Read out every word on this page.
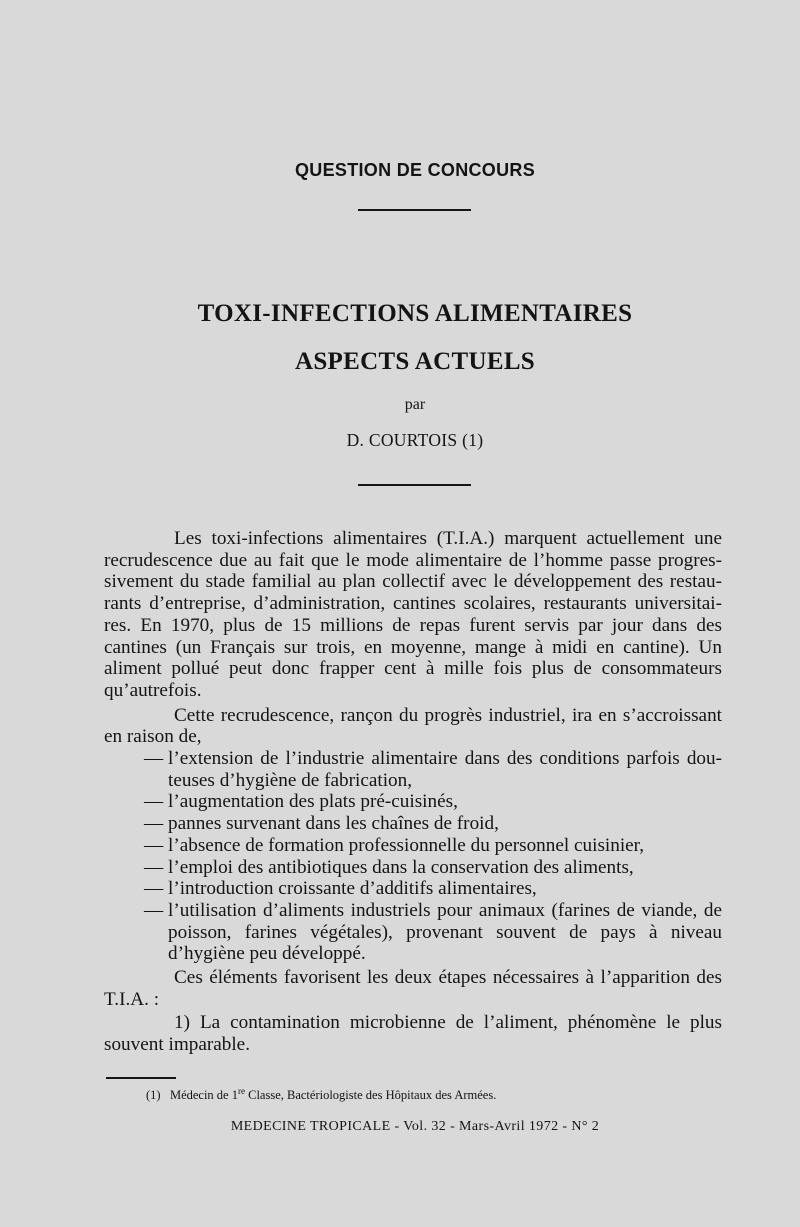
QUESTION DE CONCOURS
TOXI-INFECTIONS ALIMENTAIRES
ASPECTS ACTUELS
par
D. COURTOIS (1)

Les toxi-infections alimentaires (T.I.A.) marquent actuellement une recrudescence due au fait que le mode alimentaire de l’homme passe progressivement du stade familial au plan collectif avec le développement des restaurants d’entreprise, d’administration, cantines scolaires, restaurants universitaires. En 1970, plus de 15 millions de repas furent servis par jour dans des cantines (un Français sur trois, en moyenne, mange à midi en cantine). Un aliment pollué peut donc frapper cent à mille fois plus de consommateurs qu’autrefois.

Cette recrudescence, rançon du progrès industriel, ira en s’accroissant en raison de,

— l’extension de l’industrie alimentaire dans des conditions parfois douteuses d’hygiène de fabrication,
— l’augmentation des plats pré-cuisinés,
— pannes survenant dans les chaînes de froid,
— l’absence de formation professionnelle du personnel cuisinier,
— l’emploi des antibiotiques dans la conservation des aliments,
— l’introduction croissante d’additifs alimentaires,
— l’utilisation d’aliments industriels pour animaux (farines de viande, de poisson, farines végétales), provenant souvent de pays à niveau d’hygiène peu développé.

Ces éléments favorisent les deux étapes nécessaires à l’apparition des T.I.A. :

1) La contamination microbienne de l’aliment, phénomène le plus souvent imparable.

(1) Médecin de 1re Classe, Bactériologiste des Hôpitaux des Armées.
MEDECINE TROPICALE - Vol. 32 - Mars-Avril 1972 - N° 2
